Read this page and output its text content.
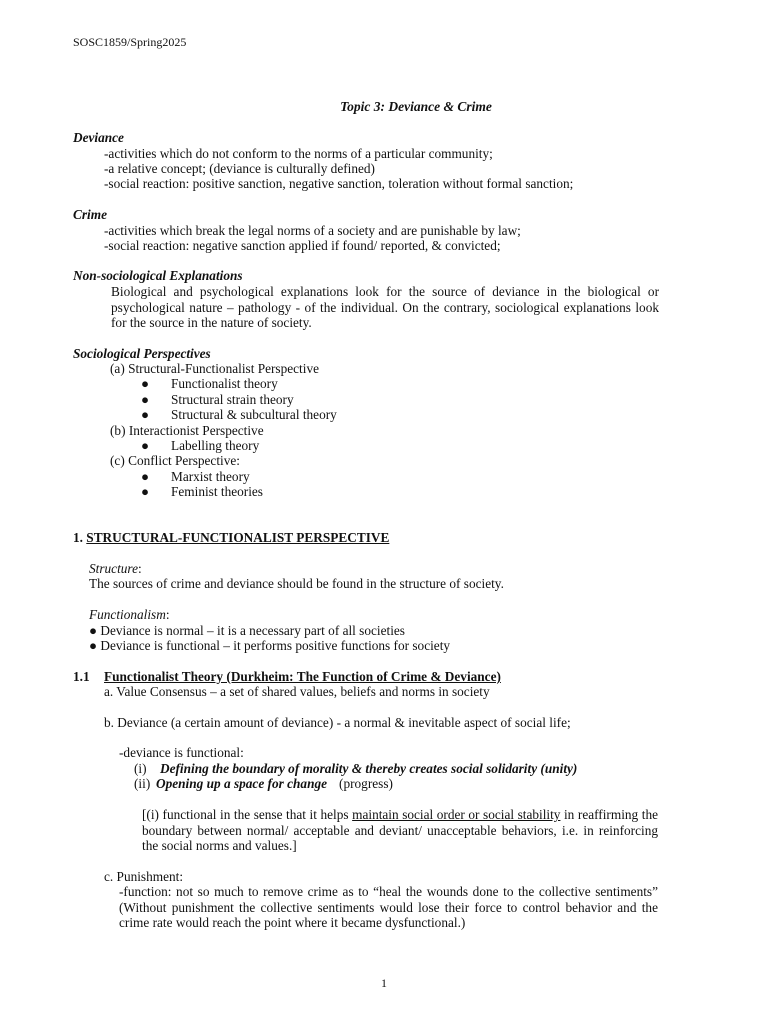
SOSC1859/Spring2025
Topic 3: Deviance & Crime
Deviance
-activities which do not conform to the norms of a particular community;
-a relative concept; (deviance is culturally defined)
-social reaction: positive sanction, negative sanction, toleration without formal sanction;
Crime
-activities which break the legal norms of a society and are punishable by law;
-social reaction: negative sanction applied if found/ reported, & convicted;
Non-sociological Explanations
Biological and psychological explanations look for the source of deviance in the biological or psychological nature – pathology - of the individual. On the contrary, sociological explanations look for the source in the nature of society.
Sociological Perspectives
(a) Structural-Functionalist Perspective
● Functionalist theory
● Structural strain theory
● Structural & subcultural theory
(b) Interactionist Perspective
● Labelling theory
(c) Conflict Perspective:
● Marxist theory
● Feminist theories
1. STRUCTURAL-FUNCTIONALIST PERSPECTIVE
Structure:
The sources of crime and deviance should be found in the structure of society.
Functionalism:
● Deviance is normal – it is a necessary part of all societies
● Deviance is functional – it performs positive functions for society
1.1 Functionalist Theory (Durkheim: The Function of Crime & Deviance)
a. Value Consensus – a set of shared values, beliefs and norms in society
b. Deviance (a certain amount of deviance) - a normal & inevitable aspect of social life;
-deviance is functional:
(i) Defining the boundary of morality & thereby creates social solidarity (unity)
(ii) Opening up a space for change (progress)
[(i) functional in the sense that it helps maintain social order or social stability in reaffirming the boundary between normal/ acceptable and deviant/ unacceptable behaviors, i.e. in reinforcing the social norms and values.]
c. Punishment:
-function: not so much to remove crime as to “heal the wounds done to the collective sentiments” (Without punishment the collective sentiments would lose their force to control behavior and the crime rate would reach the point where it became dysfunctional.)
1
